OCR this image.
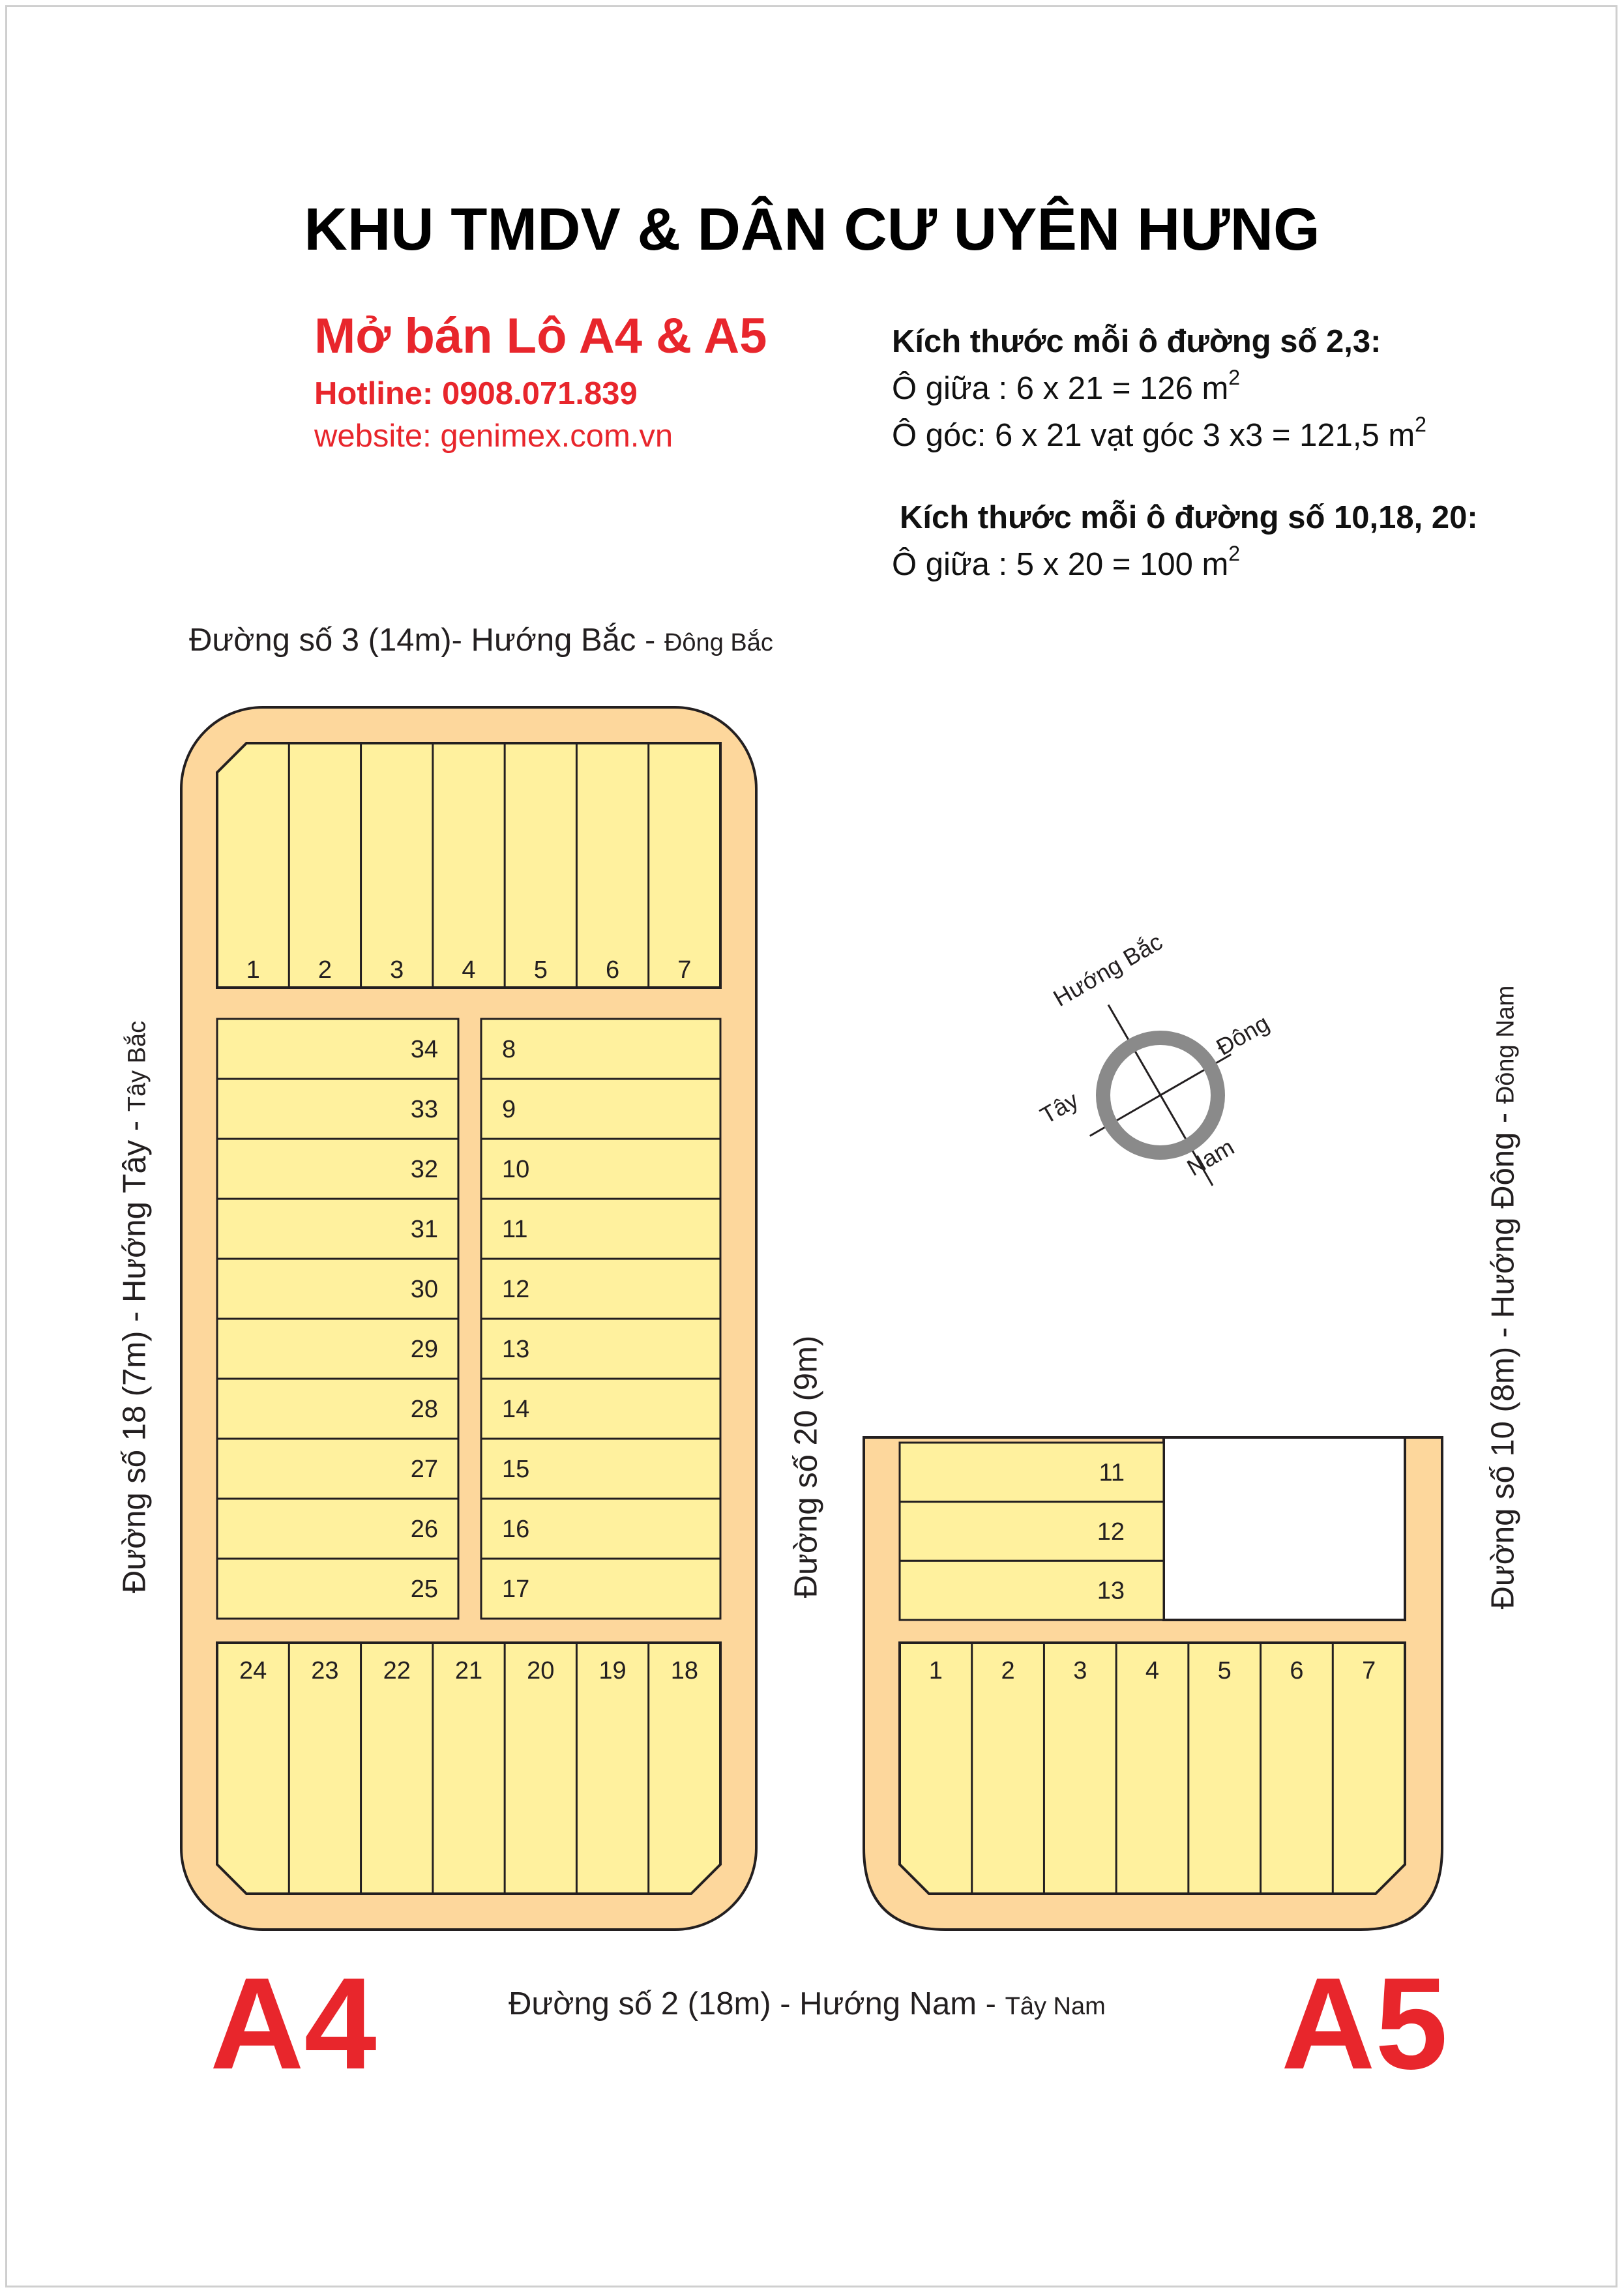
KHU TMDV & DÂN CƯ UYÊN HƯNG
Mở bán Lô A4 & A5
Hotline: 0908.071.839
website: genimex.com.vn
Kích thước mỗi ô đường số 2,3:
Ô giữa : 6 x 21 = 126 $m^2$
Ô góc: 6 x 21 vạt góc 3 x3 = 121,5 $m^2$
Kích thước mỗi ô đường số 10,18, 20:
Ô giữa : 5 x 20 = 100 $m^2$
Đường số 3 (14m)- Hướng Bắc - Đông Bắc
Đường số 2 (18m) - Hướng Nam - Tây Nam
Đường số 18 (7m) - Hướng Tây - Tây Bắc
Đường số 20 (9m)	Đường số 10 (8m) - Hướng Đông - Đông Nam
A4	A5
1 2 3 4 5 6 7
24 23 22 21 20 19 18
34
33
32
31
30
29
28
27
26
25
8
9
10
11
12
13
14
15
16
17
11
12
13
1 2 3 4 5 6 7
Hướng Bắc
Đông
Tây
Nam
